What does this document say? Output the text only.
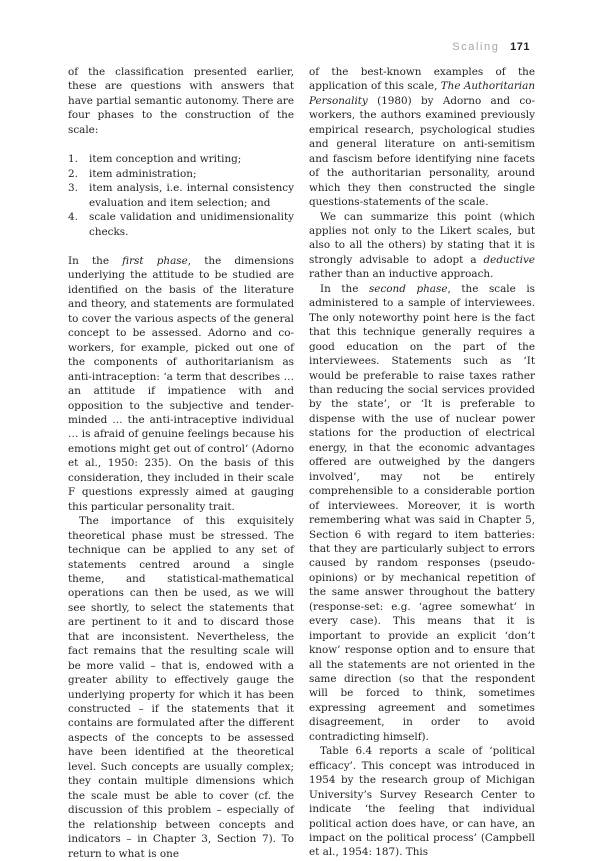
Scaling 171

of the classification presented earlier, these are questions with answers that have partial semantic autonomy. There are four phases to the construction of the scale:

1. item conception and writing;
2. item administration;
3. item analysis, i.e. internal consistency evaluation and item selection; and
4. scale validation and unidimensionality checks.

In the first phase, the dimensions underlying the attitude to be studied are identified on the basis of the literature and theory, and statements are formulated to cover the various aspects of the general concept to be assessed. Adorno and co-workers, for example, picked out one of the components of authoritarianism as anti-intraception: ‘a term that describes … an attitude if impatience with and opposition to the subjective and tender-minded … the anti-intraceptive individual … is afraid of genuine feelings because his emotions might get out of control’ (Adorno et al., 1950: 235). On the basis of this consideration, they included in their scale F questions expressly aimed at gauging this particular personality trait.

The importance of this exquisitely theoretical phase must be stressed. The technique can be applied to any set of statements centred around a single theme, and statistical-mathematical operations can then be used, as we will see shortly, to select the statements that are pertinent to it and to discard those that are inconsistent. Nevertheless, the fact remains that the resulting scale will be more valid – that is, endowed with a greater ability to effectively gauge the underlying property for which it has been constructed – if the statements that it contains are formulated after the different aspects of the concepts to be assessed have been identified at the theoretical level. Such concepts are usually complex; they contain multiple dimensions which the scale must be able to cover (cf. the discussion of this problem – especially of the relationship between concepts and indicators – in Chapter 3, Section 7). To return to what is one

of the best-known examples of the application of this scale, The Authoritarian Personality (1980) by Adorno and co-workers, the authors examined previously empirical research, psychological studies and general literature on anti-semitism and fascism before identifying nine facets of the authoritarian personality, around which they then constructed the single questions-statements of the scale.

We can summarize this point (which applies not only to the Likert scales, but also to all the others) by stating that it is strongly advisable to adopt a deductive rather than an inductive approach.

In the second phase, the scale is administered to a sample of interviewees. The only noteworthy point here is the fact that this technique generally requires a good education on the part of the interviewees. Statements such as ‘It would be preferable to raise taxes rather than reducing the social services provided by the state’, or ‘It is preferable to dispense with the use of nuclear power stations for the production of electrical energy, in that the economic advantages offered are outweighed by the dangers involved’, may not be entirely comprehensible to a considerable portion of interviewees. Moreover, it is worth remembering what was said in Chapter 5, Section 6 with regard to item batteries: that they are particularly subject to errors caused by random responses (pseudo-opinions) or by mechanical repetition of the same answer throughout the battery (response-set: e.g. ‘agree somewhat’ in every case). This means that it is important to provide an explicit ‘don’t know’ response option and to ensure that all the statements are not oriented in the same direction (so that the respondent will be forced to think, sometimes expressing agreement and sometimes disagreement, in order to avoid contradicting himself).

Table 6.4 reports a scale of ‘political efficacy’. This concept was introduced in 1954 by the research group of Michigan University’s Survey Research Center to indicate ‘the feeling that individual political action does have, or can have, an impact on the political process’ (Campbell et al., 1954: 187). This
